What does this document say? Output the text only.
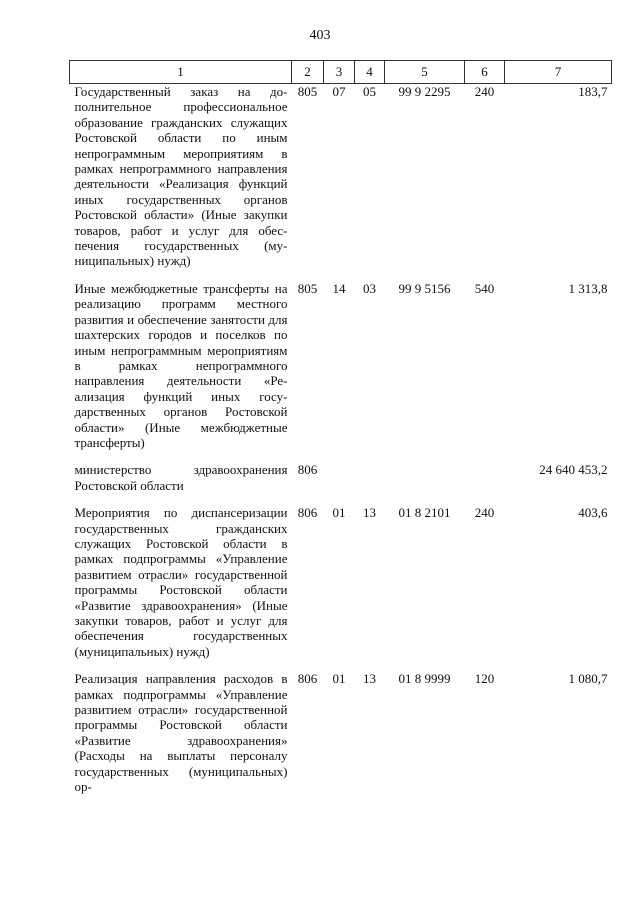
403
1	2	3	4	5	6	7
Государственный заказ на дополнительное профессиональное образование гражданских служащих Ростовской области по иным непрограммным мероприятиям в рамках непрограммного направления деятельности «Реализация функций иных государственных органов Ростовской области» (Иные закупки товаров, работ и услуг для обеспечения государственных (муниципальных) нужд)	805	07	05	99 9 2295	240	183,7
Иные межбюджетные трансферты на реализацию программ местного развития и обеспечение занятости для шахтерских городов и поселков по иным непрограммным мероприятиям в рамках непрограммного направления деятельности «Реализация функций иных государственных органов Ростовской области» (Иные межбюджетные трансферты)	805	14	03	99 9 5156	540	1 313,8
министерство здравоохранения Ростовской области	806					24 640 453,2
Мероприятия по диспансеризации государственных гражданских служащих Ростовской области в рамках подпрограммы «Управление развитием отрасли» государственной программы Ростовской области «Развитие здравоохранения» (Иные закупки товаров, работ и услуг для обеспечения государственных (муниципальных) нужд)	806	01	13	01 8 2101	240	403,6
Реализация направления расходов в рамках подпрограммы «Управление развитием отрасли» государственной программы Ростовской области «Развитие здравоохранения» (Расходы на выплаты персоналу государственных (муниципальных) ор-	806	01	13	01 8 9999	120	1 080,7
